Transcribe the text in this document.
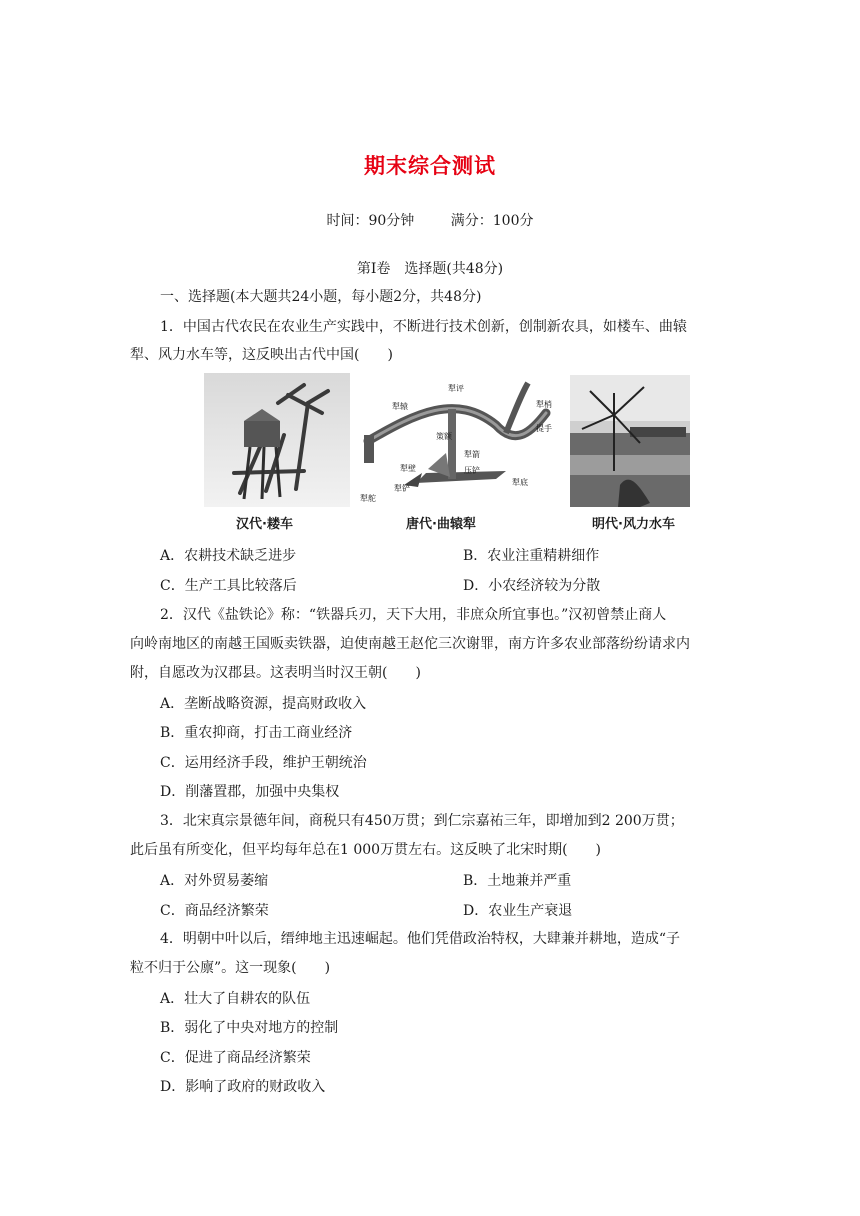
期末综合测试
时间：90分钟	满分：100分
第Ⅰ卷　选择题(共48分)
一、选择题(本大题共24小题，每小题2分，共48分)
1．中国古代农民在农业生产实践中，不断进行技术创新，创制新农具，如楼车、曲辕
犁、风力水车等，这反映出古代中国(　　)
汉代·耧车
犁评
犁梢
犁辕
提手
策额
犁箭
犁壁	压铲
犁底
犁铲
犁舵
唐代·曲辕犁	明代·风力水车
A．农耕技术缺乏进步	B．农业注重精耕细作
C．生产工具比较落后	D．小农经济较为分散
2．汉代《盐铁论》称：“铁器兵刃，天下大用，非庶众所宜事也。”汉初曾禁止商人
向岭南地区的南越王国贩卖铁器，迫使南越王赵佗三次谢罪，南方许多农业部落纷纷请求内
附，自愿改为汉郡县。这表明当时汉王朝(　　)
A．垄断战略资源，提高财政收入
B．重农抑商，打击工商业经济
C．运用经济手段，维护王朝统治
D．削藩置郡，加强中央集权
3．北宋真宗景德年间，商税只有450万贯；到仁宗嘉祐三年，即增加到2 200万贯；
此后虽有所变化，但平均每年总在1 000万贯左右。这反映了北宋时期(　　)
A．对外贸易萎缩	B．土地兼并严重
C．商品经济繁荣	D．农业生产衰退
4．明朝中叶以后，缙绅地主迅速崛起。他们凭借政治特权，大肆兼并耕地，造成“子
粒不归于公廪”。这一现象(　　)
A．壮大了自耕农的队伍
B．弱化了中央对地方的控制
C．促进了商品经济繁荣
D．影响了政府的财政收入
